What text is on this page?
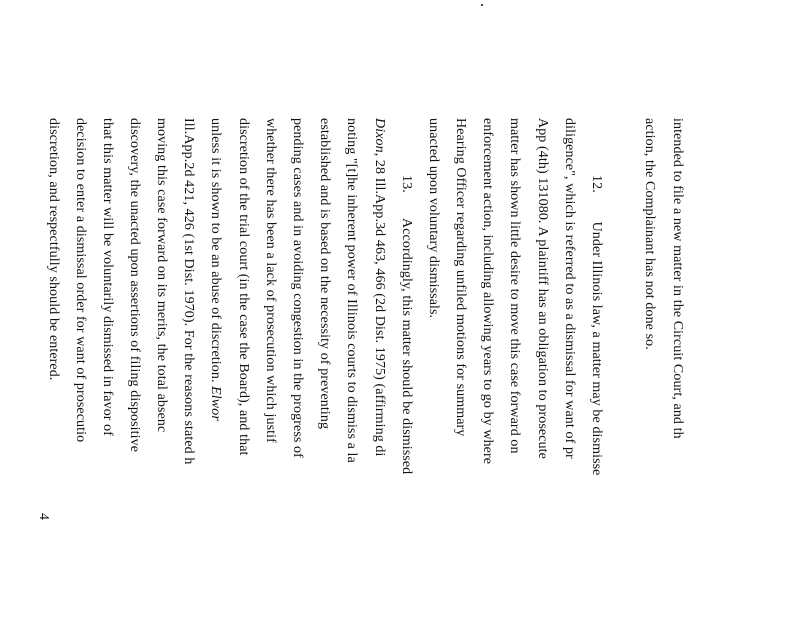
intended to file a new matter in the Circuit Court, and th
action, the Complainant has not done so.
12.        Under Illinois law, a matter may be dismisse
diligence", which is referred to as a dismissal for want of pr
App (4th) 131080. A plaintiff has an obligation to prosecute
matter has shown little desire to move this case forward on
enforcement action, including allowing years to go by where
Hearing Officer regarding unfiled motions for summary
unacted upon voluntary dismissals.
13.       Accordingly, this matter should be dismissed
Dixon, 28 Ill.App.3d 463, 466 (2d Dist. 1975) (affirming di
noting "[t]he inherent power of Illinois courts to dismiss a la
established and is based on the necessity of preventing
pending cases and in avoiding congestion in the progress of
whether there has been a lack of prosecution which justif
discretion of the trial court (in the case the Board), and that
unless it is shown to be an abuse of discretion. Elwor
Ill.App.2d 421, 426 (1st Dist. 1970). For the reasons stated h
moving this case forward on its merits, the total absenc
discovery, the unacted upon assertions of filing dispositive
that this matter will be voluntarily dismissed in favor of
decision to enter a dismissal order for want of prosecutio
discretion, and respectfully should be entered.
4
